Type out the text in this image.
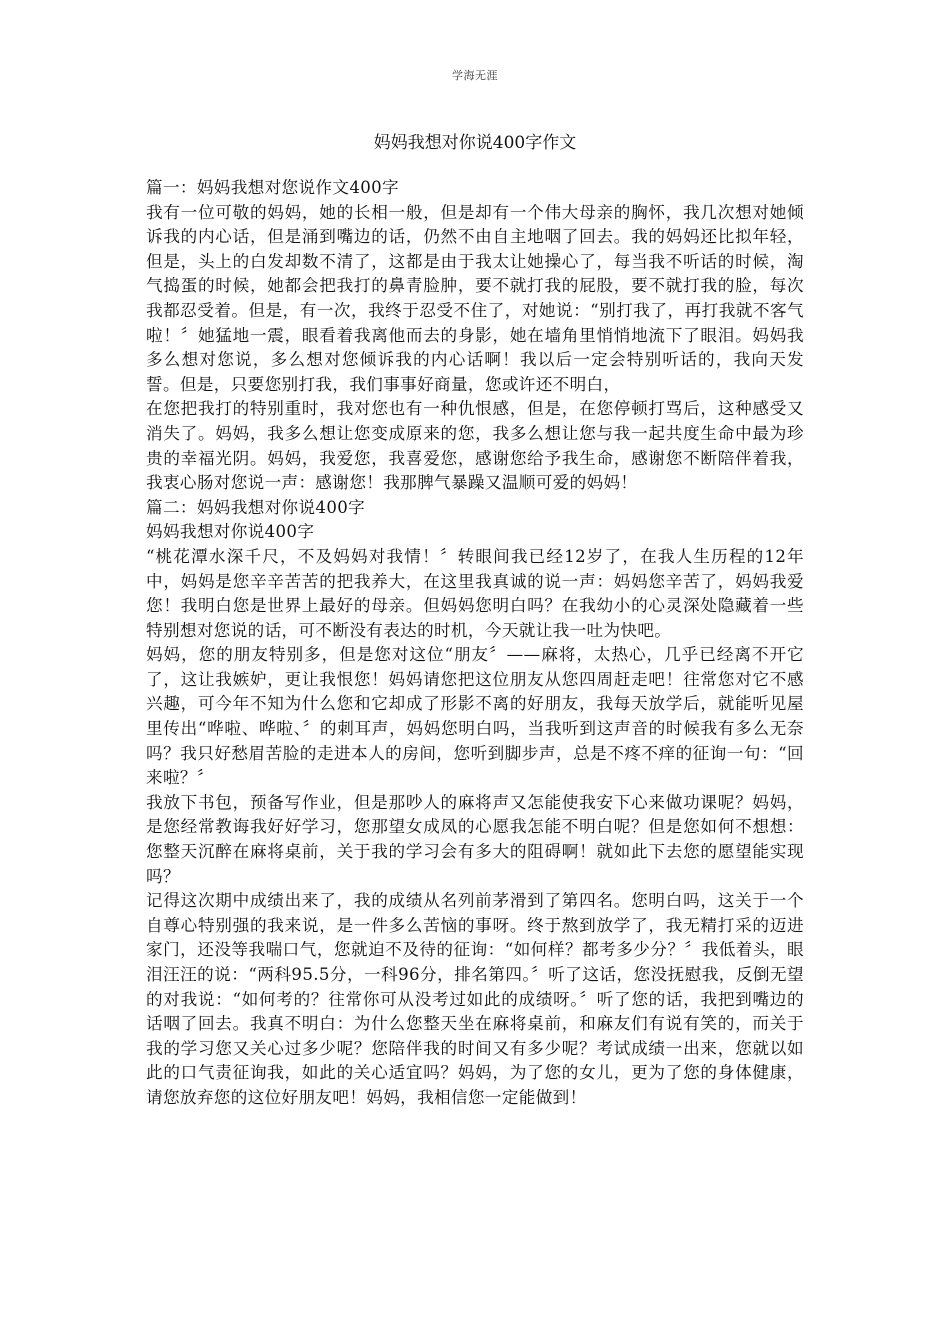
学海无涯
妈妈我想对你说400字作文

篇一：妈妈我想对您说作文400字

我有一位可敬的妈妈，她的长相一般，但是却有一个伟大母亲的胸怀，我几次想对她倾诉我的内心话，但是涌到嘴边的话，仍然不由自主地咽了回去。我的妈妈还比拟年轻，但是，头上的白发却数不清了，这都是由于我太让她操心了，每当我不听话的时候，淘气捣蛋的时候，她都会把我打的鼻青脸肿，要不就打我的屁股，要不就打我的脸，每次我都忍受着。但是，有一次，我终于忍受不住了，对她说：“别打我了，再打我就不客气啦！〞她猛地一震，眼看着我离他而去的身影，她在墙角里悄悄地流下了眼泪。妈妈我多么想对您说，多么想对您倾诉我的内心话啊！我以后一定会特别听话的，我向天发誓。但是，只要您别打我，我们事事好商量，您或许还不明白，

在您把我打的特别重时，我对您也有一种仇恨感，但是，在您停顿打骂后，这种感受又消失了。妈妈，我多么想让您变成原来的您，我多么想让您与我一起共度生命中最为珍贵的幸福光阴。妈妈，我爱您，我喜爱您，感谢您给予我生命，感谢您不断陪伴着我，我衷心肠对您说一声：感谢您！我那脾气暴躁又温顺可爱的妈妈！

篇二：妈妈我想对你说400字

妈妈我想对你说400字

“桃花潭水深千尺，不及妈妈对我情！〞转眼间我已经12岁了，在我人生历程的12年中，妈妈是您辛辛苦苦的把我养大，在这里我真诚的说一声：妈妈您辛苦了，妈妈我爱您！我明白您是世界上最好的母亲。但妈妈您明白吗？在我幼小的心灵深处隐藏着一些特别想对您说的话，可不断没有表达的时机，今天就让我一吐为快吧。

妈妈，您的朋友特别多，但是您对这位“朋友〞——麻将，太热心，几乎已经离不开它了，这让我嫉妒，更让我恨您！妈妈请您把这位朋友从您四周赶走吧！往常您对它不感兴趣，可今年不知为什么您和它却成了形影不离的好朋友，我每天放学后，就能听见屋里传出“哗啦、哗啦、〞的刺耳声，妈妈您明白吗，当我听到这声音的时候我有多么无奈吗？我只好愁眉苦脸的走进本人的房间，您听到脚步声，总是不疼不痒的征询一句：“回来啦？〞

我放下书包，预备写作业，但是那吵人的麻将声又怎能使我安下心来做功课呢？妈妈，是您经常教诲我好好学习，您那望女成凤的心愿我怎能不明白呢？但是您如何不想想：您整天沉醉在麻将桌前，关于我的学习会有多大的阻碍啊！就如此下去您的愿望能实现吗？

记得这次期中成绩出来了，我的成绩从名列前茅滑到了第四名。您明白吗，这关于一个自尊心特别强的我来说，是一件多么苦恼的事呀。终于熬到放学了，我无精打采的迈进家门，还没等我喘口气，您就迫不及待的征询：“如何样？都考多少分？〞我低着头，眼泪汪汪的说：“两科95.5分，一科96分，排名第四。〞听了这话，您没抚慰我，反倒无望的对我说：“如何考的？往常你可从没考过如此的成绩呀。〞听了您的话，我把到嘴边的话咽了回去。我真不明白：为什么您整天坐在麻将桌前，和麻友们有说有笑的，而关于我的学习您又关心过多少呢？您陪伴我的时间又有多少呢？考试成绩一出来，您就以如此的口气责征询我，如此的关心适宜吗？妈妈，为了您的女儿，更为了您的身体健康，请您放弃您的这位好朋友吧！妈妈，我相信您一定能做到！
